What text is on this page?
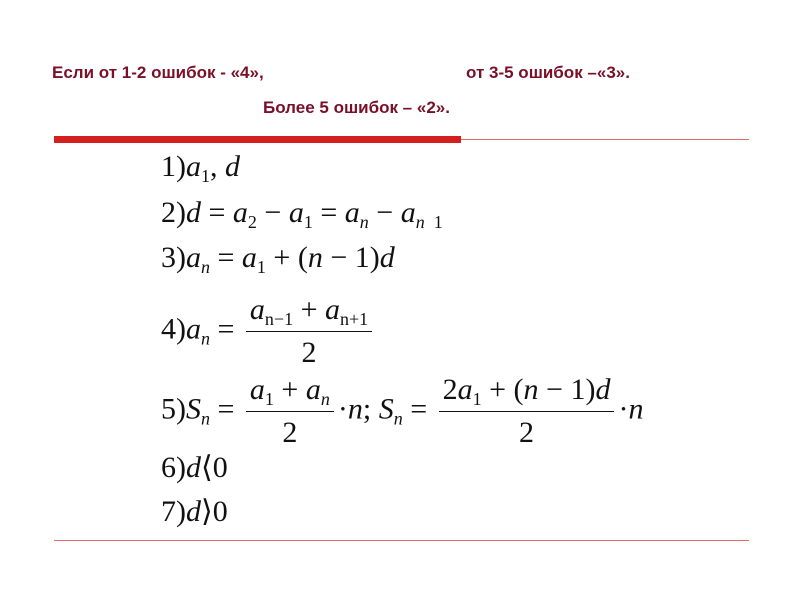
Если от 1-2 ошибок - «4»,	от 3-5 ошибок –«3».
Более 5 ошибок – «2».
$1)a_1$, d
$2)d = a_2 - a_1 = a_n - a_{n 1}$
$3)a_n = a_1 + (n - 1)d$
$4)a_n = \frac{a_{n-1} + a_{n+1}}{2}$
$5)S_n = \frac{a_1 + a_n}{2} \cdot n$; $S_n = \frac{2a_1 + (n - 1)d}{2} \cdot n$
6)d⟨0
7)d⟩0
